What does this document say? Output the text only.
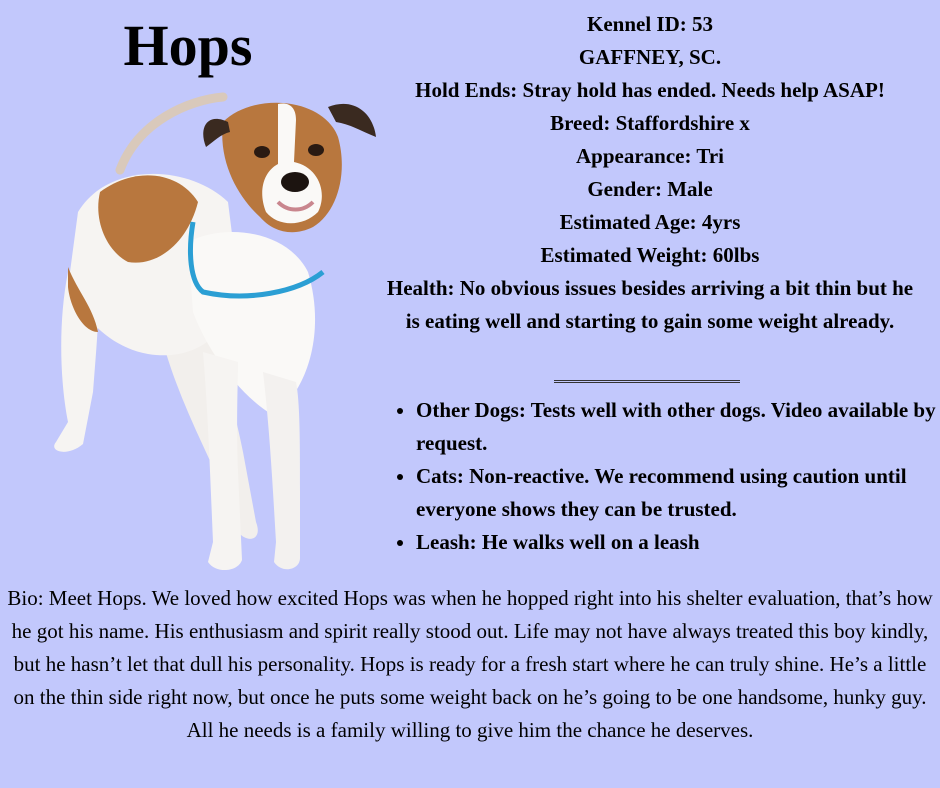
Hops	Kennel ID: 53

GAFFNEY, SC.

Hold Ends: Stray hold has ended. Needs help ASAP!

Breed: Staffordshire x

Appearance: Tri

Gender: Male

Estimated Age: 4yrs

Estimated Weight: 60lbs

Health: No obvious issues besides arriving a bit thin but he is eating well and starting to gain some weight already.

• Other Dogs: Tests well with other dogs. Video available by request.
• Cats: Non-reactive. We recommend using caution until everyone shows they can be trusted.
• Leash: He walks well on a leash
Bio: Meet Hops. We loved how excited Hops was when he hopped right into his shelter evaluation, that’s how he got his name. His enthusiasm and spirit really stood out. Life may not have always treated this boy kindly, but he hasn’t let that dull his personality. Hops is ready for a fresh start where he can truly shine. He’s a little on the thin side right now, but once he puts some weight back on he’s going to be one handsome, hunky guy. All he needs is a family willing to give him the chance he deserves.
